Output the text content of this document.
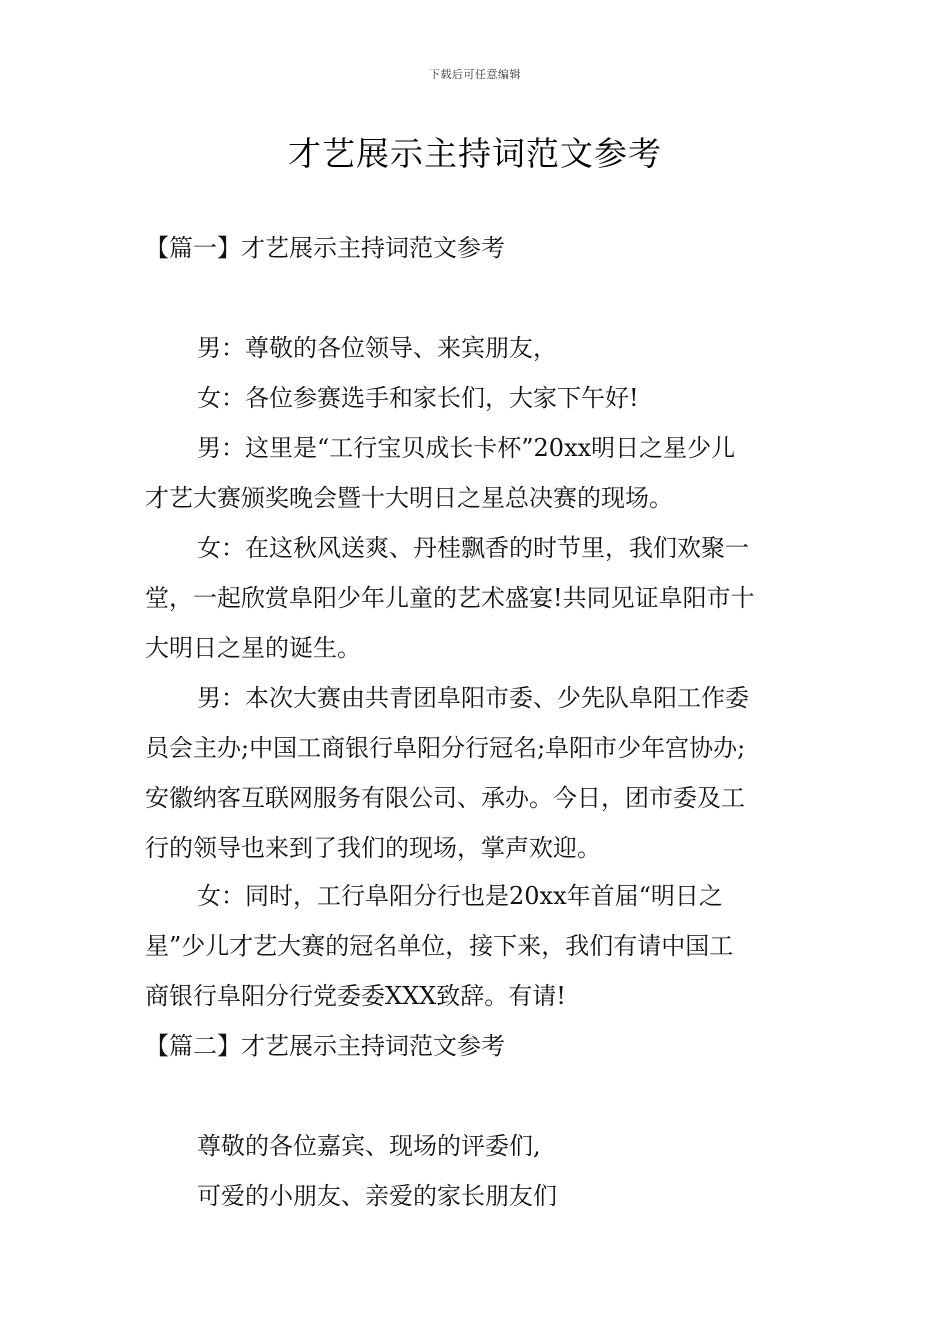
下载后可任意编辑
才艺展示主持词范文参考
【篇一】才艺展示主持词范文参考
男：尊敬的各位领导、来宾朋友，
女：各位参赛选手和家长们，大家下午好!
男：这里是“工行宝贝成长卡杯”20xx明日之星少儿
才艺大赛颁奖晚会暨十大明日之星总决赛的现场。
女：在这秋风送爽、丹桂飘香的时节里，我们欢聚一
堂，一起欣赏阜阳少年儿童的艺术盛宴!共同见证阜阳市十
大明日之星的诞生。
男：本次大赛由共青团阜阳市委、少先队阜阳工作委
员会主办;中国工商银行阜阳分行冠名;阜阳市少年宫协办;
安徽纳客互联网服务有限公司、承办。今日，团市委及工
行的领导也来到了我们的现场，掌声欢迎。
女：同时，工行阜阳分行也是20xx年首届“明日之
星”少儿才艺大赛的冠名单位，接下来，我们有请中国工
商银行阜阳分行党委委XXX致辞。有请!
【篇二】才艺展示主持词范文参考
尊敬的各位嘉宾、现场的评委们,
可爱的小朋友、亲爱的家长朋友们
